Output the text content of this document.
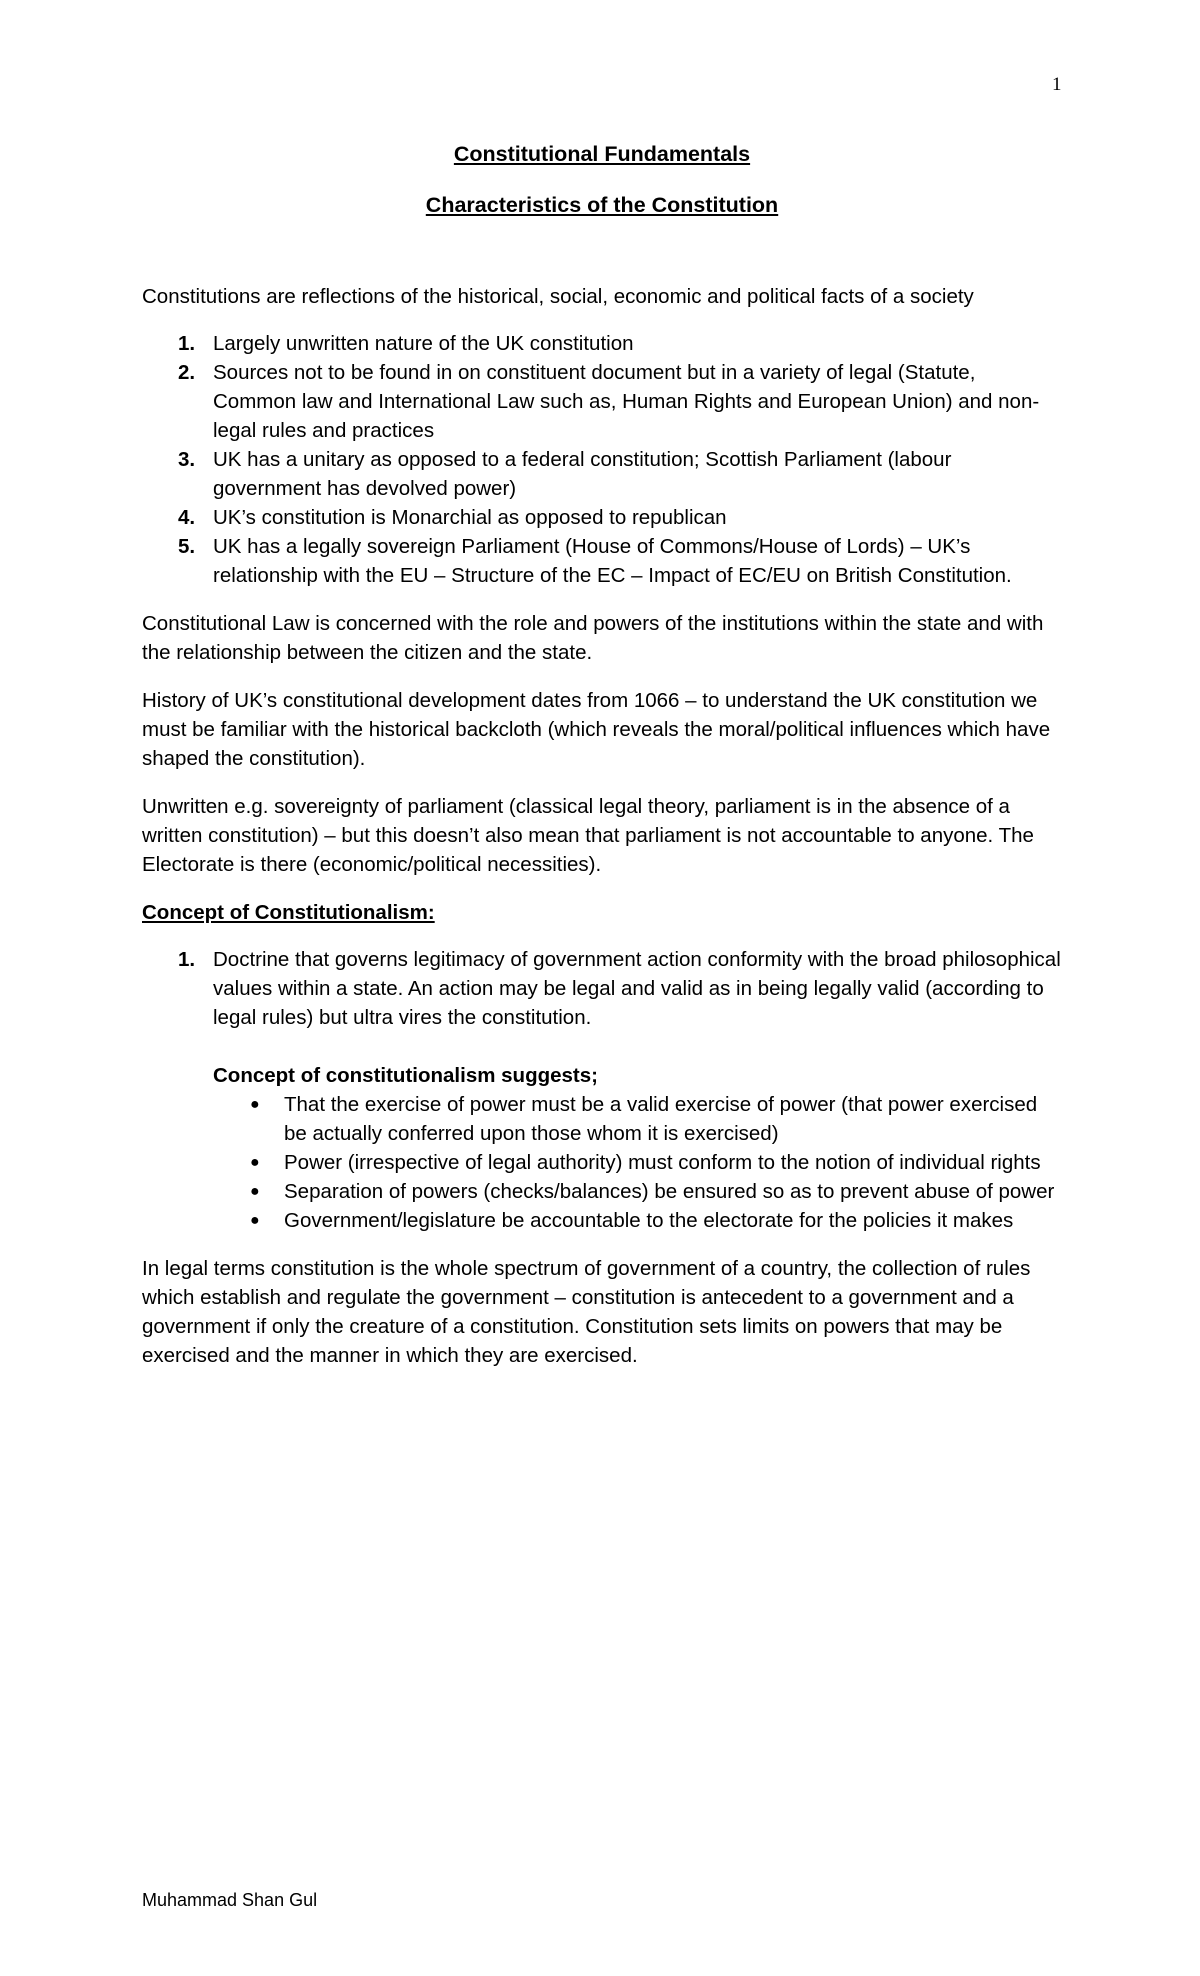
1
Constitutional Fundamentals
Characteristics of the Constitution

Constitutions are reflections of the historical, social, economic and political facts of a society

1. Largely unwritten nature of the UK constitution
2. Sources not to be found in on constituent document but in a variety of legal (Statute, Common law and International Law such as, Human Rights and European Union) and non-legal rules and practices
3. UK has a unitary as opposed to a federal constitution; Scottish Parliament (labour government has devolved power)
4. UK’s constitution is Monarchial as opposed to republican
5. UK has a legally sovereign Parliament (House of Commons/House of Lords) – UK’s relationship with the EU – Structure of the EC – Impact of EC/EU on British Constitution.

Constitutional Law is concerned with the role and powers of the institutions within the state and with the relationship between the citizen and the state.

History of UK’s constitutional development dates from 1066 – to understand the UK constitution we must be familiar with the historical backcloth (which reveals the moral/political influences which have shaped the constitution).

Unwritten e.g. sovereignty of parliament (classical legal theory, parliament is in the absence of a written constitution) – but this doesn’t also mean that parliament is not accountable to anyone. The Electorate is there (economic/political necessities).

Concept of Constitutionalism:
1. Doctrine that governs legitimacy of government action conformity with the broad philosophical values within a state. An action may be legal and valid as in being legally valid (according to legal rules) but ultra vires the constitution.
Concept of constitutionalism suggests;
● That the exercise of power must be a valid exercise of power (that power exercised be actually conferred upon those whom it is exercised)
● Power (irrespective of legal authority) must conform to the notion of individual rights
● Separation of powers (checks/balances) be ensured so as to prevent abuse of power
● Government/legislature be accountable to the electorate for the policies it makes

In legal terms constitution is the whole spectrum of government of a country, the collection of rules which establish and regulate the government – constitution is antecedent to a government and a government if only the creature of a constitution. Constitution sets limits on powers that may be exercised and the manner in which they are exercised.

Muhammad Shan Gul
